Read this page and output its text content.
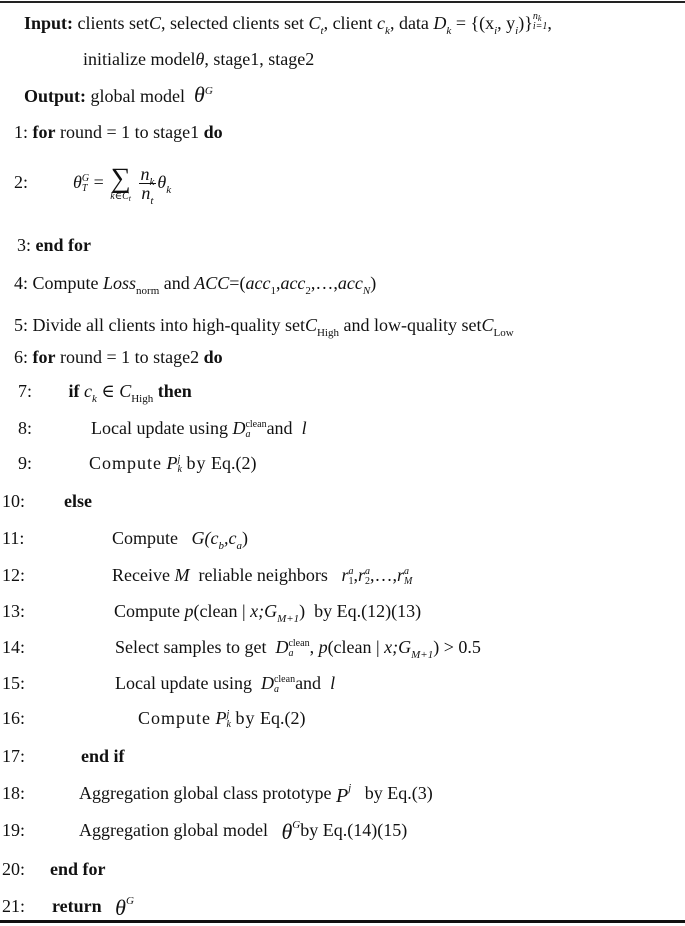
Input: clients setC, selected clients set $C_t$, client $c_k$, data $D_k = \{(x_i$, $y_i$)} $n_k$
i=1 ,
initialize modelθ, stage1, stage2
Output: global model $\theta^G$
1: for round = 1 to stage1 do
2:	θ G
T = ∑
$k\in C_t$
$\frac{n_k}{n_t} \theta_k$
3: end for
4: Compute Loss$_{norm}$ and ACC=(acc$_1$,acc$_2$,…,acc$_N$)
5: Divide all clients into high-quality setC$_{High}$ and low-quality setC$_{Low}$
6: for round = 1 to stage2 do
7: if $c_k$ ∈ $C_{High}$ then
8:	Local update using D clean
a and l
9:	Compute P j
k by Eq.(2)
10: else
11:	Compute $G(c_b,c_a)$
12:	Receive M reliable neighbors r a
1 ,r a
2 ,…,r a
M
13:	Compute p(clean | $x;G_{M+1}$) by Eq.(12)(13)
14:	Select samples to get D clean
a , p(clean | $x;G_{M+1}) > 0.5$
15:	Local update using D clean
a and l
16:	Compute P j
k by Eq.(2)
17:	end if
18:	Aggregation global class prototype $P^j$ by Eq.(3)
19:	Aggregation global model $\theta^Gby$ Eq.(14)(15)
20: end for
21: return $\theta^G$
